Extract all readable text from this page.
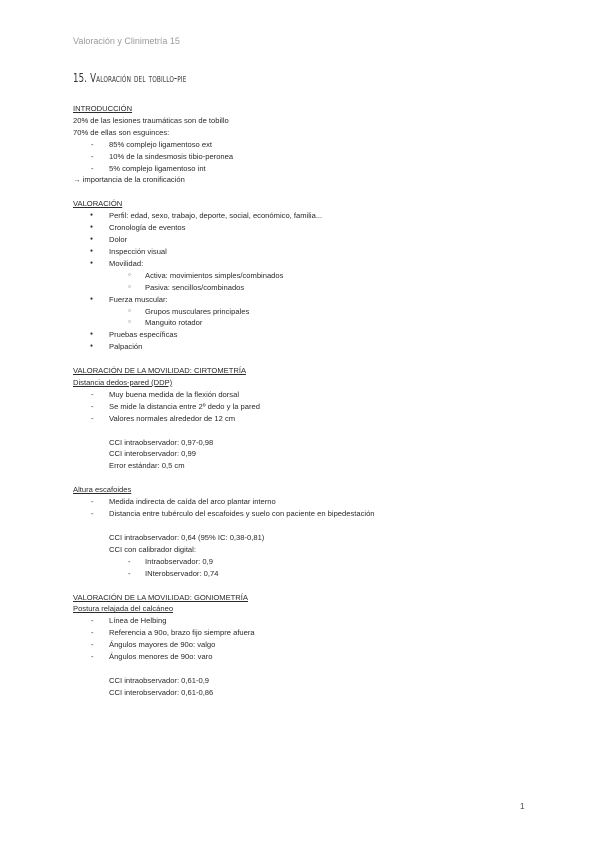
Valoración y Clinimetría 15
15. Valoración del tobillo-pie

INTRODUCCIÓN

20% de las lesiones traumáticas son de tobillo

70% de ellas son esguinces:

- 85% complejo ligamentoso ext
- 10% de la sindesmosis tibio-peronea
- 5% complejo ligamentoso int

→ importancia de la cronificación

VALORACIÓN

● Perfil: edad, sexo, trabajo, deporte, social, económico, familia...
● Cronología de eventos
● Dolor
● Inspección visual
● Movilidad:
○ Activa: movimientos simples/combinados
○ Pasiva: sencillos/combinados
● Fuerza muscular:
○ Grupos musculares principales
○ Manguito rotador
● Pruebas específicas
● Palpación

VALORACIÓN DE LA MOVILIDAD: CIRTOMETRÍA

Distancia dedos-pared (DDP)

- Muy buena medida de la flexión dorsal
- Se mide la distancia entre 2º dedo y la pared
- Valores normales alrededor de 12 cm

CCI intraobservador: 0,97-0,98

CCI interobservador: 0,99

Error estándar: 0,5 cm

Altura escafoides

- Medida indirecta de caída del arco plantar interno
- Distancia entre tubérculo del escafoides y suelo con paciente en bipedestación

CCI intraobservador: 0,64 (95% IC: 0,38-0,81)

CCI con calibrador digital:

- Intraobservador: 0,9
- INterobservador: 0,74

VALORACIÓN DE LA MOVILIDAD: GONIOMETRÍA

Postura relajada del calcáneo

- Línea de Helbing
- Referencia a 90o, brazo fijo siempre afuera
- Ángulos mayores de 90o: valgo
- Ángulos menores de 90o: varo

CCI intraobservador: 0,61-0,9

CCI interobservador: 0,61-0,86

1
